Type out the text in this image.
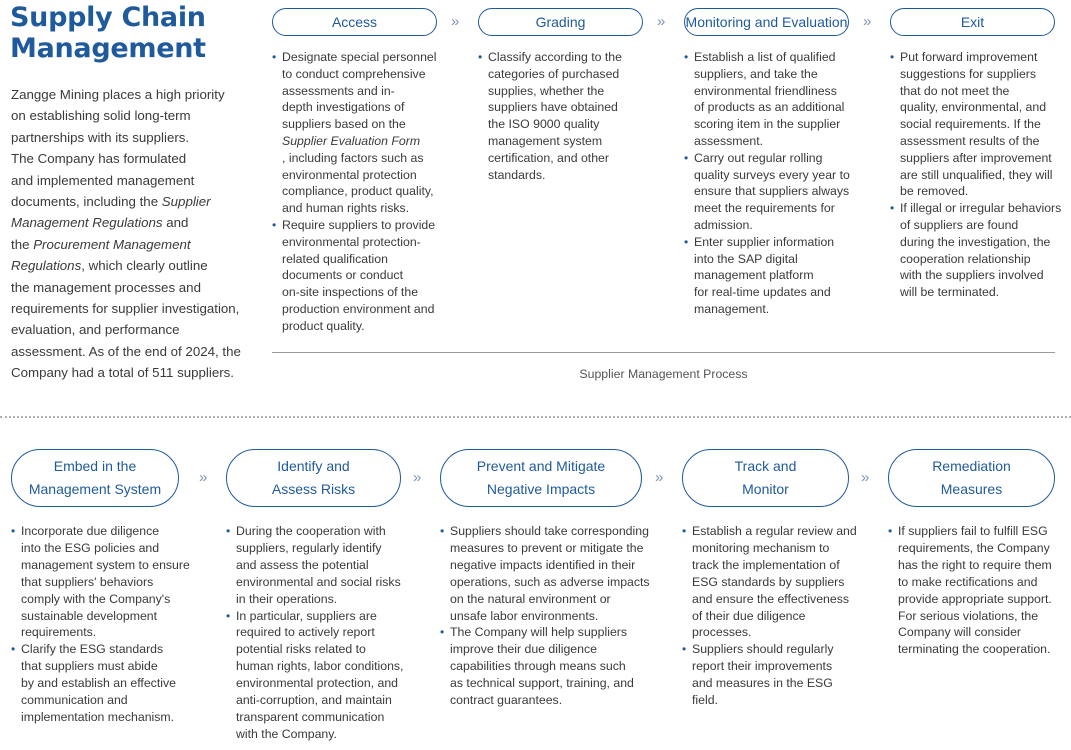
Supply Chain
Management
Zangge Mining places a high priority
on establishing solid long-term
partnerships with its suppliers.
The Company has formulated
and implemented management
documents, including the Supplier
Management Regulations and
the Procurement Management
Regulations, which clearly outline
the management processes and
requirements for supplier investigation,
evaluation, and performance
assessment. As of the end of 2024, the
Company had a total of 511 suppliers.
Access	»	Grading	» Monitoring and Evaluation »	Exit
• Designate special personnel
to conduct comprehensive
assessments and in-
depth investigations of
suppliers based on the
Supplier Evaluation Form
, including factors such as
environmental protection
compliance, product quality,
and human rights risks.
• Require suppliers to provide
environmental protection-
related qualification
documents or conduct
on-site inspections of the
production environment and
product quality.
• Classify according to the
categories of purchased
supplies, whether the
suppliers have obtained
the ISO 9000 quality
management system
certification, and other
standards.
• Establish a list of qualified
suppliers, and take the
environmental friendliness
of products as an additional
scoring item in the supplier
assessment.
• Carry out regular rolling
quality surveys every year to
ensure that suppliers always
meet the requirements for
admission.
• Enter supplier information
into the SAP digital
management platform
for real-time updates and
management.
• Put forward improvement
suggestions for suppliers
that do not meet the
quality, environmental, and
social requirements. If the
assessment results of the
suppliers after improvement
are still unqualified, they will
be removed.
• If illegal or irregular behaviors
of suppliers are found
during the investigation, the
cooperation relationship
with the suppliers involved
will be terminated.
Supplier Management Process
Embed in the
Management System
»
Identify and
Assess Risks
»
Prevent and Mitigate
Negative Impacts
»
Track and
Monitor
»
Remediation
Measures
• Incorporate due diligence
into the ESG policies and
management system to ensure
that suppliers' behaviors
comply with the Company's
sustainable development
requirements.
• Clarify the ESG standards
that suppliers must abide
by and establish an effective
communication and
implementation mechanism.
• During the cooperation with
suppliers, regularly identify
and assess the potential
environmental and social risks
in their operations.
• In particular, suppliers are
required to actively report
potential risks related to
human rights, labor conditions,
environmental protection, and
anti-corruption, and maintain
transparent communication
with the Company.
• Suppliers should take corresponding
measures to prevent or mitigate the
negative impacts identified in their
operations, such as adverse impacts
on the natural environment or
unsafe labor environments.
• The Company will help suppliers
improve their due diligence
capabilities through means such
as technical support, training, and
contract guarantees.
• Establish a regular review and
monitoring mechanism to
track the implementation of
ESG standards by suppliers
and ensure the effectiveness
of their due diligence
processes.
• Suppliers should regularly
report their improvements
and measures in the ESG
field.
• If suppliers fail to fulfill ESG
requirements, the Company
has the right to require them
to make rectifications and
provide appropriate support.
For serious violations, the
Company will consider
terminating the cooperation.
